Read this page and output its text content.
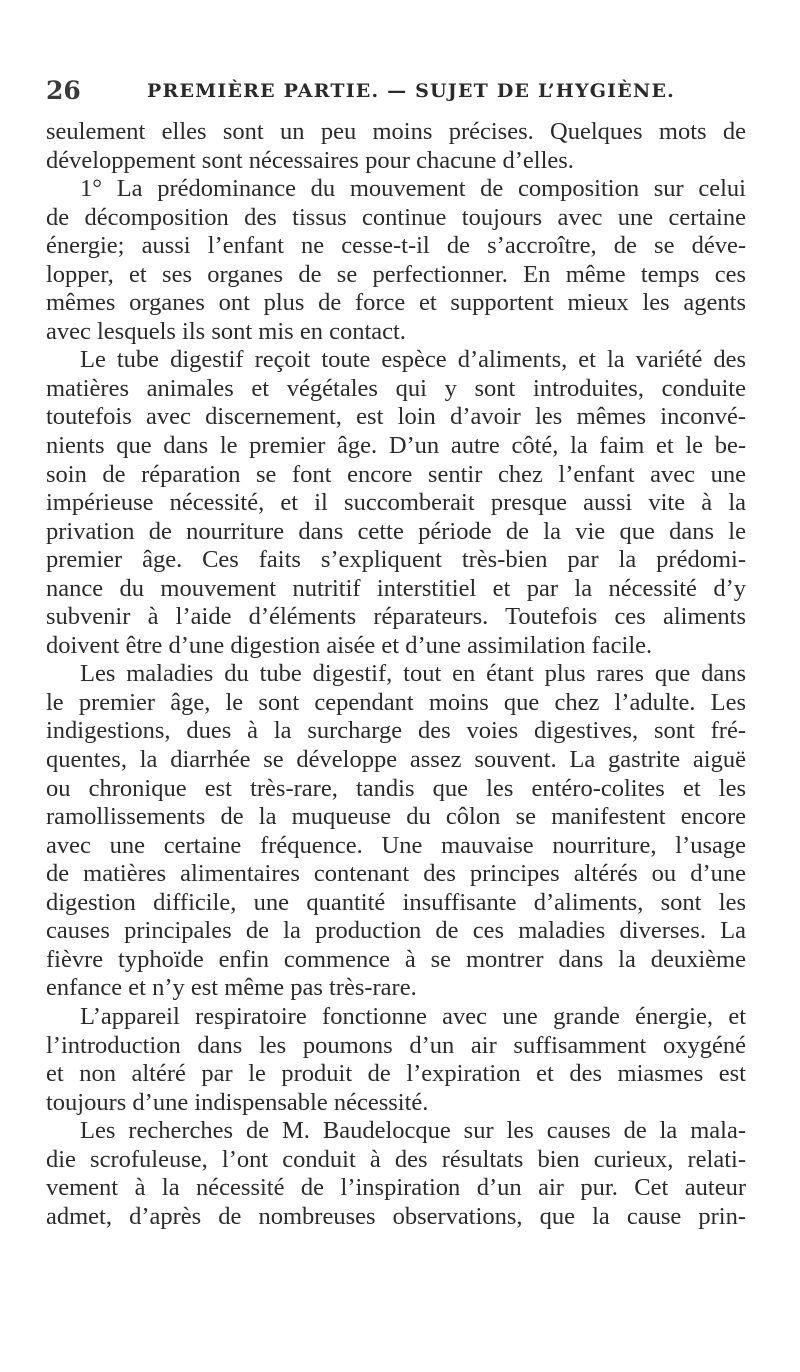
26	PREMIÈRE PARTIE. — SUJET DE L’HYGIÈNE.
seulement elles sont un peu moins précises. Quelques mots de
développement sont nécessaires pour chacune d’elles.
1° La prédominance du mouvement de composition sur celui
de décomposition des tissus continue toujours avec une certaine
énergie; aussi l’enfant ne cesse-t-il de s’accroître, de se déve-
lopper, et ses organes de se perfectionner. En même temps ces
mêmes organes ont plus de force et supportent mieux les agents
avec lesquels ils sont mis en contact.
Le tube digestif reçoit toute espèce d’aliments, et la variété des
matières animales et végétales qui y sont introduites, conduite
toutefois avec discernement, est loin d’avoir les mêmes inconvé-
nients que dans le premier âge. D’un autre côté, la faim et le be-
soin de réparation se font encore sentir chez l’enfant avec une
impérieuse nécessité, et il succomberait presque aussi vite à la
privation de nourriture dans cette période de la vie que dans le
premier âge. Ces faits s’expliquent très-bien par la prédomi-
nance du mouvement nutritif interstitiel et par la nécessité d’y
subvenir à l’aide d’éléments réparateurs. Toutefois ces aliments
doivent être d’une digestion aisée et d’une assimilation facile.
Les maladies du tube digestif, tout en étant plus rares que dans
le premier âge, le sont cependant moins que chez l’adulte. Les
indigestions, dues à la surcharge des voies digestives, sont fré-
quentes, la diarrhée se développe assez souvent. La gastrite aiguë
ou chronique est très-rare, tandis que les entéro-colites et les
ramollissements de la muqueuse du côlon se manifestent encore
avec une certaine fréquence. Une mauvaise nourriture, l’usage
de matières alimentaires contenant des principes altérés ou d’une
digestion difficile, une quantité insuffisante d’aliments, sont les
causes principales de la production de ces maladies diverses. La
fièvre typhoïde enfin commence à se montrer dans la deuxième
enfance et n’y est même pas très-rare.
L’appareil respiratoire fonctionne avec une grande énergie, et
l’introduction dans les poumons d’un air suffisamment oxygéné
et non altéré par le produit de l’expiration et des miasmes est
toujours d’une indispensable nécessité.
Les recherches de M. Baudelocque sur les causes de la mala-
die scrofuleuse, l’ont conduit à des résultats bien curieux, relati-
vement à la nécessité de l’inspiration d’un air pur. Cet auteur
admet, d’après de nombreuses observations, que la cause prin-
